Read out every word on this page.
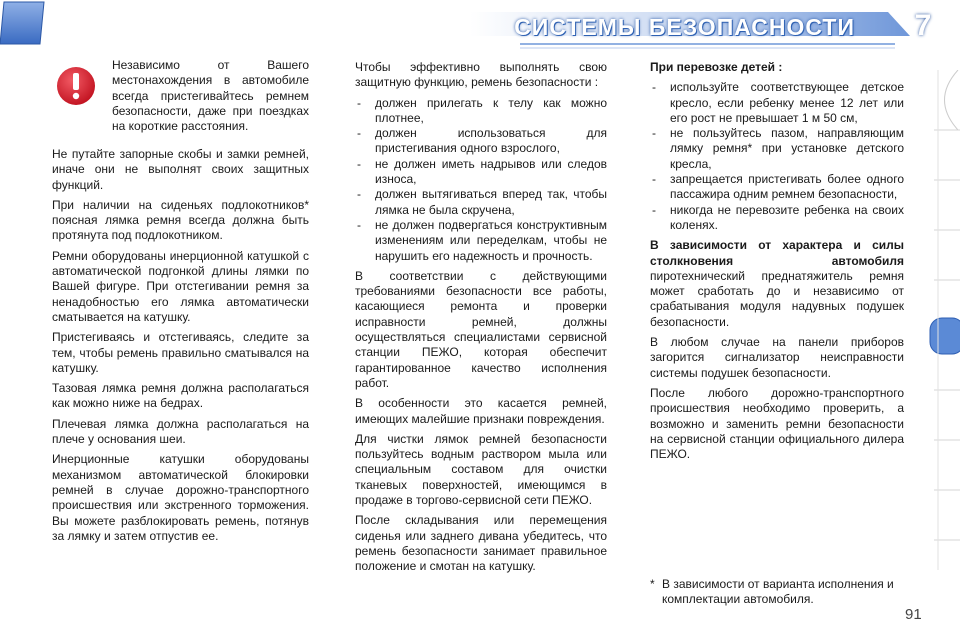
СИСТЕМЫ БЕЗОПАСНОСТИ	7
Независимо от Вашего местонахождения в автомобиле всегда пристегивайтесь ремнем безопасности, даже при поездках на короткие расстояния.

Не путайте запорные скобы и замки ремней, иначе они не выполнят своих защитных функций.

При наличии на сиденьях подлокотников* поясная лямка ремня всегда должна быть протянута под подлокотником.

Ремни оборудованы инерционной катушкой с автоматической подгонкой длины лямки по Вашей фигуре. При отстегивании ремня за ненадобностью его лямка автоматически сматывается на катушку.

Пристегиваясь и отстегиваясь, следите за тем, чтобы ремень правильно сматывался на катушку.

Тазовая лямка ремня должна располагаться как можно ниже на бедрах.

Плечевая лямка должна располагаться на плече у основания шеи.

Инерционные катушки оборудованы механизмом автоматической блокировки ремней в случае дорожно-транспортного происшествия или экстренного торможения. Вы можете разблокировать ремень, потянув за лямку и затем отпустив ее.

Чтобы эффективно выполнять свою защитную функцию, ремень безопасности :

- должен прилегать к телу как можно плотнее,
- должен использоваться для пристегивания одного взрослого,
- не должен иметь надрывов или следов износа,
- должен вытягиваться вперед так, чтобы лямка не была скручена,
- не должен подвергаться конструктивным изменениям или переделкам, чтобы не нарушить его надежность и прочность.

В соответствии с действующими требованиями безопасности все работы, касающиеся ремонта и проверки исправности ремней, должны осуществляться специалистами сервисной станции ПЕЖО, которая обеспечит гарантированное качество исполнения работ.

В особенности это касается ремней, имеющих малейшие признаки повреждения.

Для чистки лямок ремней безопасности пользуйтесь водным раствором мыла или специальным составом для очистки тканевых поверхностей, имеющимся в продаже в торгово-сервисной сети ПЕЖО.

После складывания или перемещения сиденья или заднего дивана убедитесь, что ремень безопасности занимает правильное положение и смотан на катушку.

При перевозке детей :

- используйте соответствующее детское кресло, если ребенку менее 12 лет или его рост не превышает 1 м 50 см,
- не пользуйтесь пазом, направляющим лямку ремня* при установке детского кресла,
- запрещается пристегивать более одного пассажира одним ремнем безопасности,
- никогда не перевозите ребенка на своих коленях.

В зависимости от характера и силы столкновения автомобиля пиротехнический преднатяжитель ремня может сработать до и независимо от срабатывания модуля надувных подушек безопасности.

В любом случае на панели приборов загорится сигнализатор неисправности системы подушек безопасности.

После любого дорожно-транспортного происшествия необходимо проверить, а возможно и заменить ремни безопасности на сервисной станции официального дилера ПЕЖО.

* В зависимости от варианта исполнения и комплектации автомобиля.
91
